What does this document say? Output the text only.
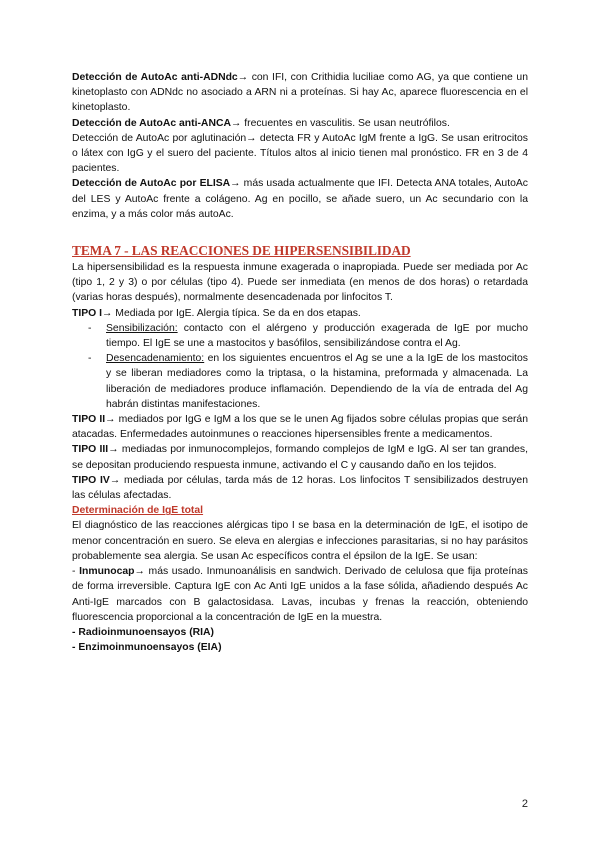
Detección de AutoAc anti-ADNdc→ con IFI, con Crithidia luciliae como AG, ya que contiene un kinetoplasto con ADNdc no asociado a ARN ni a proteínas. Si hay Ac, aparece fluorescencia en el kinetoplasto.

Detección de AutoAc anti-ANCA→ frecuentes en vasculitis. Se usan neutrófilos.

Detección de AutoAc por aglutinación→ detecta FR y AutoAc IgM frente a IgG. Se usan eritrocitos o látex con IgG y el suero del paciente. Títulos altos al inicio tienen mal pronóstico. FR en 3 de 4 pacientes.

Detección de AutoAc por ELISA→ más usada actualmente que IFI. Detecta ANA totales, AutoAc del LES y AutoAc frente a colágeno. Ag en pocillo, se añade suero, un Ac secundario con la enzima, y a más color más autoAc.

TEMA 7 - LAS REACCIONES DE HIPERSENSIBILIDAD

La hipersensibilidad es la respuesta inmune exagerada o inapropiada. Puede ser mediada por Ac (tipo 1, 2 y 3) o por células (tipo 4). Puede ser inmediata (en menos de dos horas) o retardada (varias horas después), normalmente desencadenada por linfocitos T.

TIPO I→ Mediada por IgE. Alergia típica. Se da en dos etapas.

- Sensibilización: contacto con el alérgeno y producción exagerada de IgE por mucho tiempo. El IgE se une a mastocitos y basófilos, sensibilizándose contra el Ag.
- Desencadenamiento: en los siguientes encuentros el Ag se une a la IgE de los mastocitos y se liberan mediadores como la triptasa, o la histamina, preformada y almacenada. La liberación de mediadores produce inflamación. Dependiendo de la vía de entrada del Ag habrán distintas manifestaciones.

TIPO II→ mediados por IgG e IgM a los que se le unen Ag fijados sobre células propias que serán atacadas. Enfermedades autoinmunes o reacciones hipersensibles frente a medicamentos.

TIPO III→ mediadas por inmunocomplejos, formando complejos de IgM e IgG. Al ser tan grandes, se depositan produciendo respuesta inmune, activando el C y causando daño en los tejidos.

TIPO IV→ mediada por células, tarda más de 12 horas. Los linfocitos T sensibilizados destruyen las células afectadas.

Determinación de IgE total

El diagnóstico de las reacciones alérgicas tipo I se basa en la determinación de IgE, el isotipo de menor concentración en suero. Se eleva en alergias e infecciones parasitarias, si no hay parásitos probablemente sea alergia. Se usan Ac específicos contra el épsilon de la IgE. Se usan:

- Inmunocap→ más usado. Inmunoanálisis en sandwich. Derivado de celulosa que fija proteínas de forma irreversible. Captura IgE con Ac Anti IgE unidos a la fase sólida, añadiendo después Ac Anti-IgE marcados con B galactosidasa. Lavas, incubas y frenas la reacción, obteniendo fluorescencia proporcional a la concentración de IgE en la muestra.

- Radioinmunoensayos (RIA)

- Enzimoinmunoensayos (EIA)

2
